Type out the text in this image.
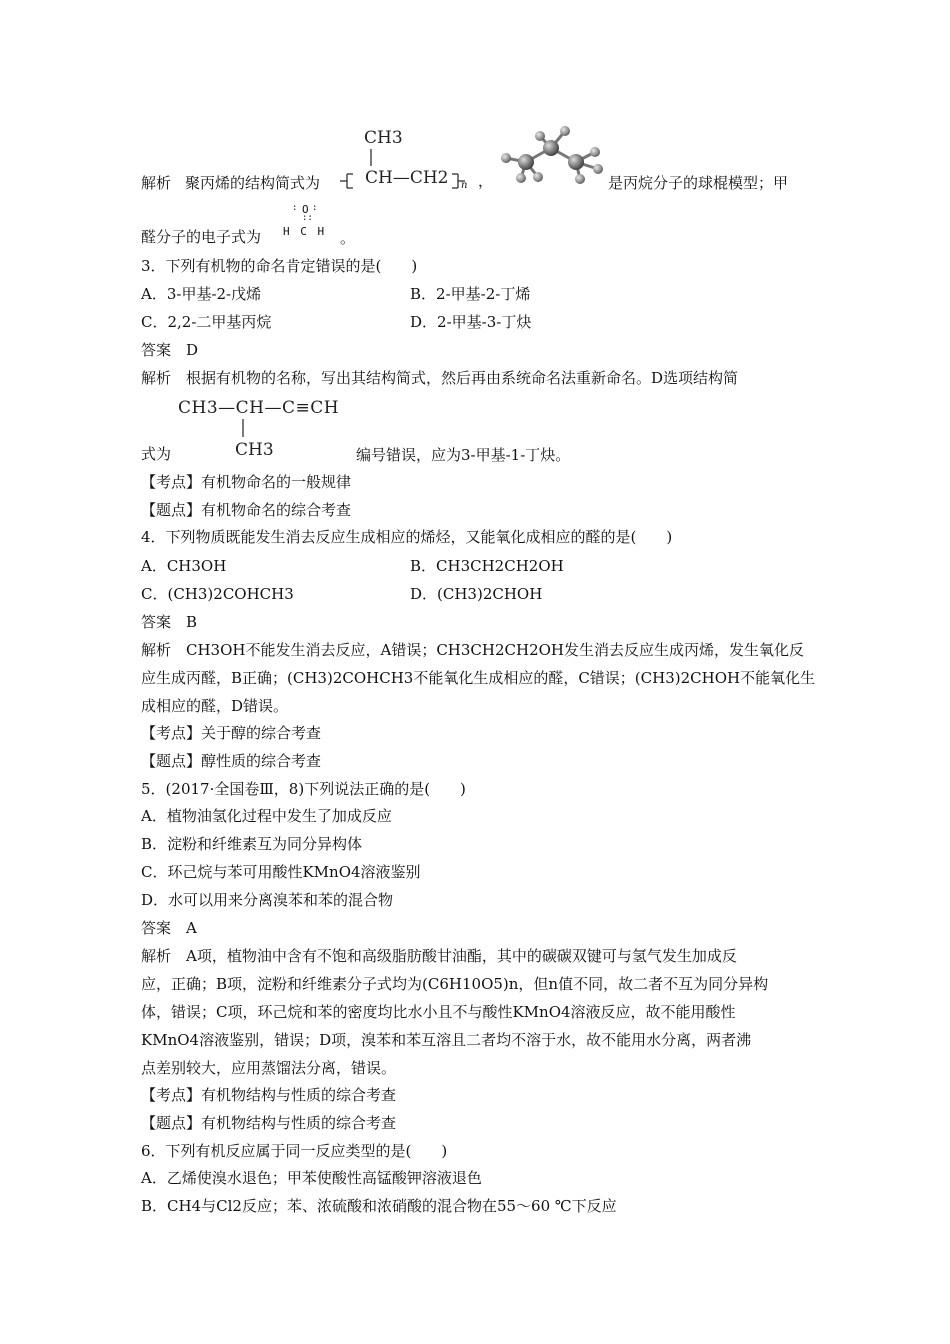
CH3
解析 聚丙烯的结构简式为	CH—CH2 n ，	是丙烷分子的球棍模型；甲
醛分子的电子式为
O
: :
::
H C H 。
3．下列有机物的命名肯定错误的是(　　)
A．3-甲基-2-戊烯	B．2-甲基-2-丁烯
C．2,2-二甲基丙烷	D．2-甲基-3-丁炔
答案　D
解析　根据有机物的名称，写出其结构简式，然后再由系统命名法重新命名。D选项结构简
CH3—CH—C≡CH
CH3
式为	编号错误，应为3-甲基-1-丁炔。
【考点】有机物命名的一般规律
【题点】有机物命名的综合考查
4．下列物质既能发生消去反应生成相应的烯烃，又能氧化成相应的醛的是(　　)
A．CH3OH	B．CH3CH2CH2OH
C．(CH3)2COHCH3	D．(CH3)2CHOH
答案　B
解析　CH3OH不能发生消去反应，A错误；CH3CH2CH2OH发生消去反应生成丙烯，发生氧化反
应生成丙醛，B正确；(CH3)2COHCH3不能氧化生成相应的醛，C错误；(CH3)2CHOH不能氧化生
成相应的醛，D错误。
【考点】关于醇的综合考查
【题点】醇性质的综合考查
5．(2017·全国卷Ⅲ，8)下列说法正确的是(　　)
A．植物油氢化过程中发生了加成反应
B．淀粉和纤维素互为同分异构体
C．环己烷与苯可用酸性KMnO4溶液鉴别
D．水可以用来分离溴苯和苯的混合物
答案　A
解析　A项，植物油中含有不饱和高级脂肪酸甘油酯，其中的碳碳双键可与氢气发生加成反
应，正确；B项，淀粉和纤维素分子式均为(C6H10O5)n，但n值不同，故二者不互为同分异构
体，错误；C项，环己烷和苯的密度均比水小且不与酸性KMnO4溶液反应，故不能用酸性
KMnO4溶液鉴别，错误；D项，溴苯和苯互溶且二者均不溶于水，故不能用水分离，两者沸
点差别较大，应用蒸馏法分离，错误。
【考点】有机物结构与性质的综合考查
【题点】有机物结构与性质的综合考查
6．下列有机反应属于同一反应类型的是(　　)
A．乙烯使溴水退色；甲苯使酸性高锰酸钾溶液退色
B．CH4与Cl2反应；苯、浓硫酸和浓硝酸的混合物在55～60 ℃下反应
